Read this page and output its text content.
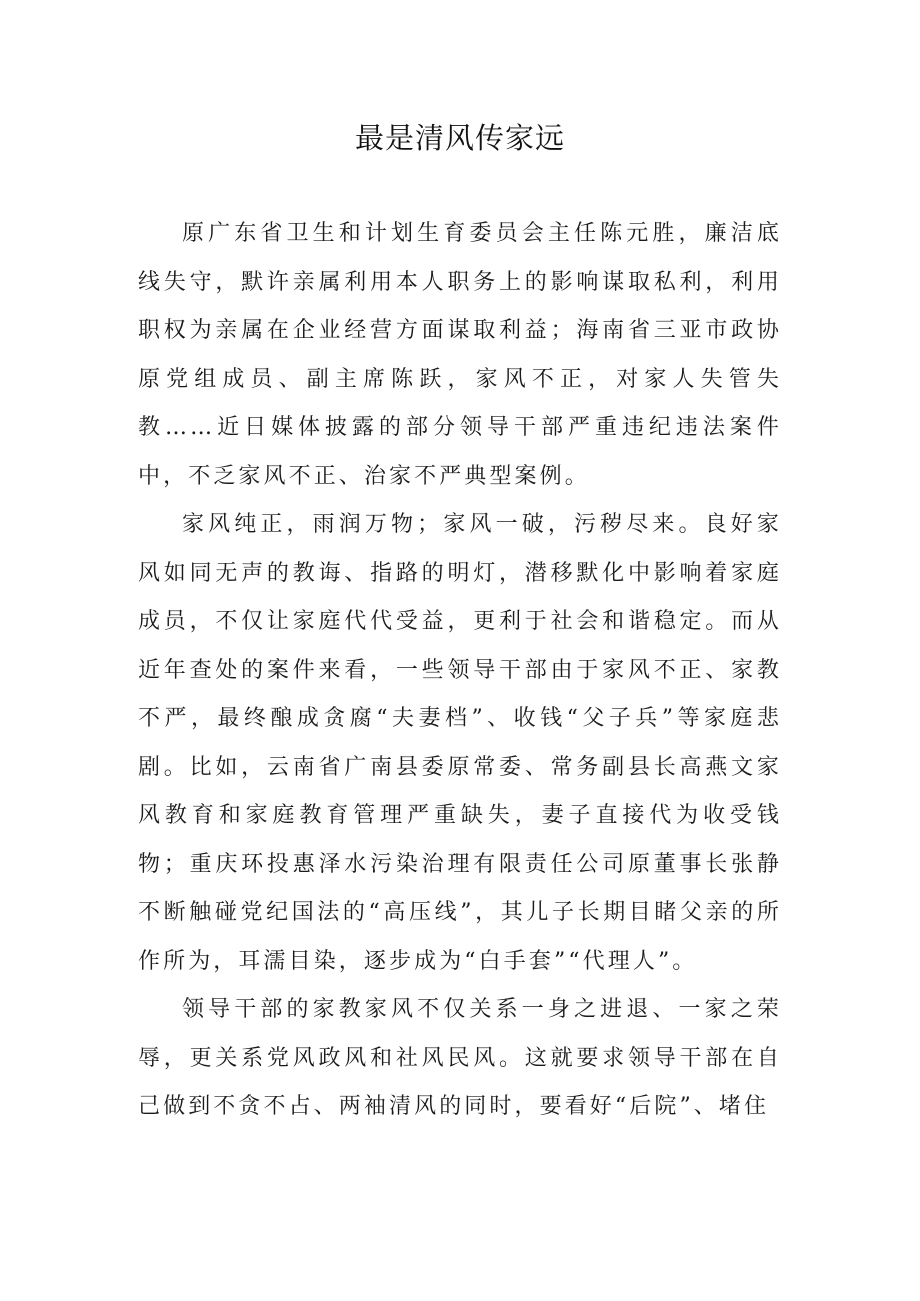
最是清风传家远

原广东省卫生和计划生育委员会主任陈元胜，廉洁底线失守，默许亲属利用本人职务上的影响谋取私利，利用职权为亲属在企业经营方面谋取利益；海南省三亚市政协原党组成员、副主席陈跃，家风不正，对家人失管失教……近日媒体披露的部分领导干部严重违纪违法案件中，不乏家风不正、治家不严典型案例。

家风纯正，雨润万物；家风一破，污秽尽来。良好家风如同无声的教诲、指路的明灯，潜移默化中影响着家庭成员，不仅让家庭代代受益，更利于社会和谐稳定。而从近年查处的案件来看，一些领导干部由于家风不正、家教不严，最终酿成贪腐“夫妻档”、收钱“父子兵”等家庭悲剧。比如，云南省广南县委原常委、常务副县长高燕文家风教育和家庭教育管理严重缺失，妻子直接代为收受钱物；重庆环投惠泽水污染治理有限责任公司原董事长张静不断触碰党纪国法的“高压线”，其儿子长期目睹父亲的所作所为，耳濡目染，逐步成为“白手套”“代理人”。

领导干部的家教家风不仅关系一身之进退、一家之荣辱，更关系党风政风和社风民风。这就要求领导干部在自己做到不贪不占、两袖清风的同时，要看好“后院”、堵住
